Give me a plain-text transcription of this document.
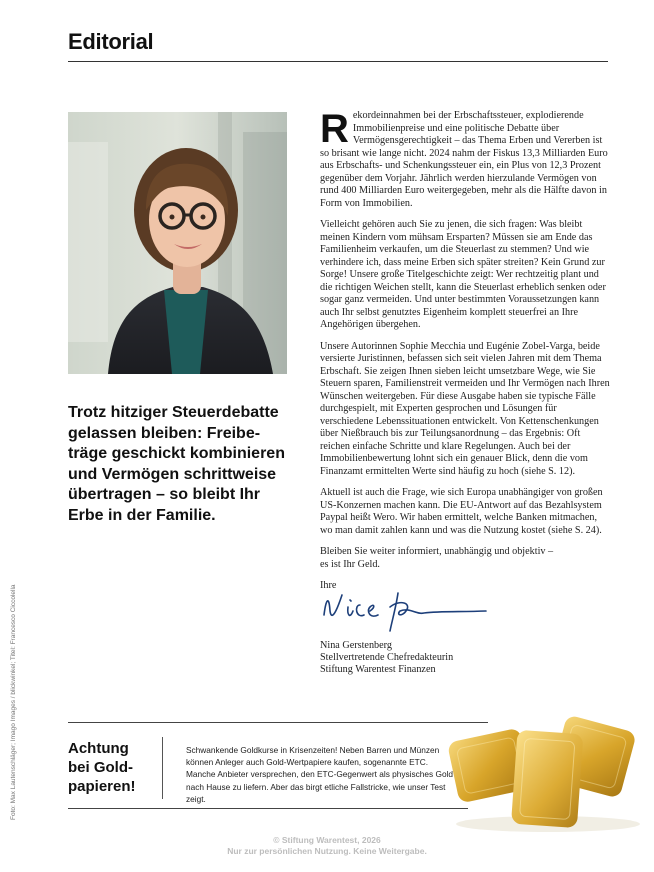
Editorial
Trotz hitziger Steuerdebatte
gelassen bleiben: Freibe-
träge geschickt kombinieren
und Vermögen schrittweise
übertragen – so bleibt Ihr
Erbe in der Familie.

Rekordeinnahmen bei der Erbschaftssteuer, explodierende Immobilienpreise und eine politische Debatte über Vermögensgerechtigkeit – das Thema Erben und Vererben ist so brisant wie lange nicht. 2024 nahm der Fiskus 13,3 Milliarden Euro aus Erbschafts- und Schenkungssteuer ein, ein Plus von 12,3 Prozent gegenüber dem Vorjahr. Jährlich werden hierzulande Vermögen von rund 400 Milliarden Euro weitergegeben, mehr als die Hälfte davon in Form von Immobilien.

Vielleicht gehören auch Sie zu jenen, die sich fragen: Was bleibt meinen Kindern vom mühsam Ersparten? Müssen sie am Ende das Familienheim verkaufen, um die Steuerlast zu stemmen? Und wie verhindere ich, dass meine Erben sich später streiten? Kein Grund zur Sorge! Unsere große Titelgeschichte zeigt: Wer rechtzeitig plant und die richtigen Weichen stellt, kann die Steuerlast erheblich senken oder sogar ganz vermeiden. Und unter bestimmten Voraussetzungen kann auch Ihr selbst genutztes Eigenheim komplett steuerfrei an Ihre Angehörigen übergehen.

Unsere Autorinnen Sophie Mecchia und Eugénie Zobel-Varga, beide versierte Juristinnen, befassen sich seit vielen Jahren mit dem Thema Erbschaft. Sie zeigen Ihnen sieben leicht umsetzbare Wege, wie Sie Steuern sparen, Familienstreit vermeiden und Ihr Vermögen nach Ihren Wünschen weitergeben. Für diese Ausgabe haben sie typische Fälle durchgespielt, mit Experten gesprochen und Lösungen für verschiedene Lebenssituationen entwickelt. Von Kettenschenkungen über Nießbrauch bis zur Teilungsanordnung – das Ergebnis: Oft reichen einfache Schritte und klare Regelungen. Auch bei der Immobilienbewertung lohnt sich ein genauer Blick, denn die vom Finanzamt ermittelten Werte sind häufig zu hoch (siehe S. 12).

Aktuell ist auch die Frage, wie sich Europa unabhängiger von großen US-Konzernen machen kann. Die EU-Antwort auf das Bezahlsystem Paypal heißt Wero. Wir haben ermittelt, welche Banken mitmachen, wo man damit zahlen kann und was die Nutzung kostet (siehe S. 24).

Bleiben Sie weiter informiert, unabhängig und objektiv –
es ist Ihr Geld.

Ihre
Nina Gerstenberg
Stellvertretende Chefredakteurin
Stiftung Warentest Finanzen
Foto: Max Lautenschläger; Imago Images / blickwinkel; Titel: Francesco Ciccolella	Achtung
bei Gold-
papieren!
Schwankende Goldkurse in Krisenzeiten! Neben Barren und Münzen können Anleger auch Gold-Wertpapiere kaufen, sogenannte ETC. Manche Anbieter versprechen, den ETC-Gegenwert als physisches Gold nach Hause zu liefern. Aber das birgt etliche Fallstricke, wie unser Test zeigt.
© Stiftung Warentest, 2026
Nur zur persönlichen Nutzung. Keine Weitergabe.
